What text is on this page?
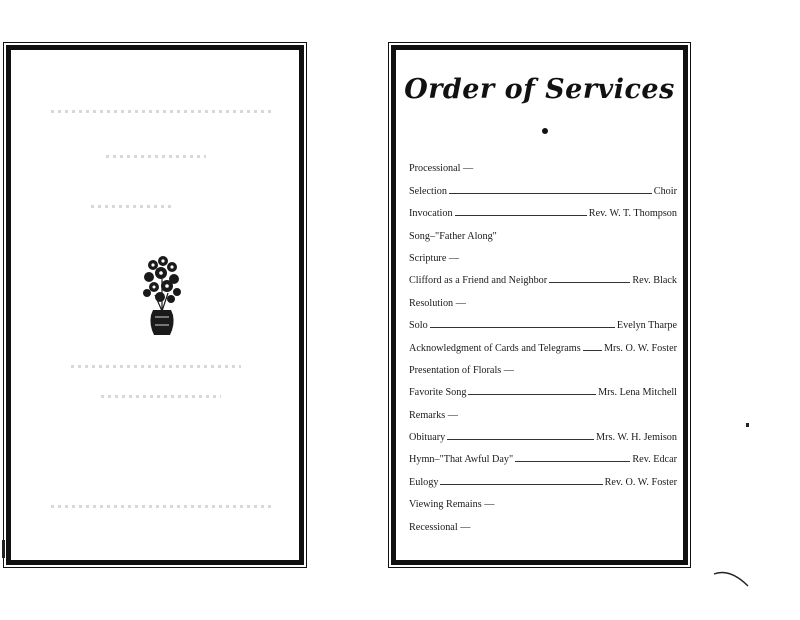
Order of Services
Processional —
Selection	Choir
Invocation	Rev. W. T. Thompson
Song–"Father Along"
Scripture —
Clifford as a Friend and Neighbor	Rev. Black
Resolution —
Solo	Evelyn Tharpe
Acknowledgment of Cards and Telegrams Mrs. O. W. Foster
Presentation of Florals —
Favorite Song	Mrs. Lena Mitchell
Remarks —
Obituary	Mrs. W. H. Jemison
Hymn–"That Awful Day"	Rev. Edcar
Eulogy	Rev. O. W. Foster
Viewing Remains —
Recessional —
